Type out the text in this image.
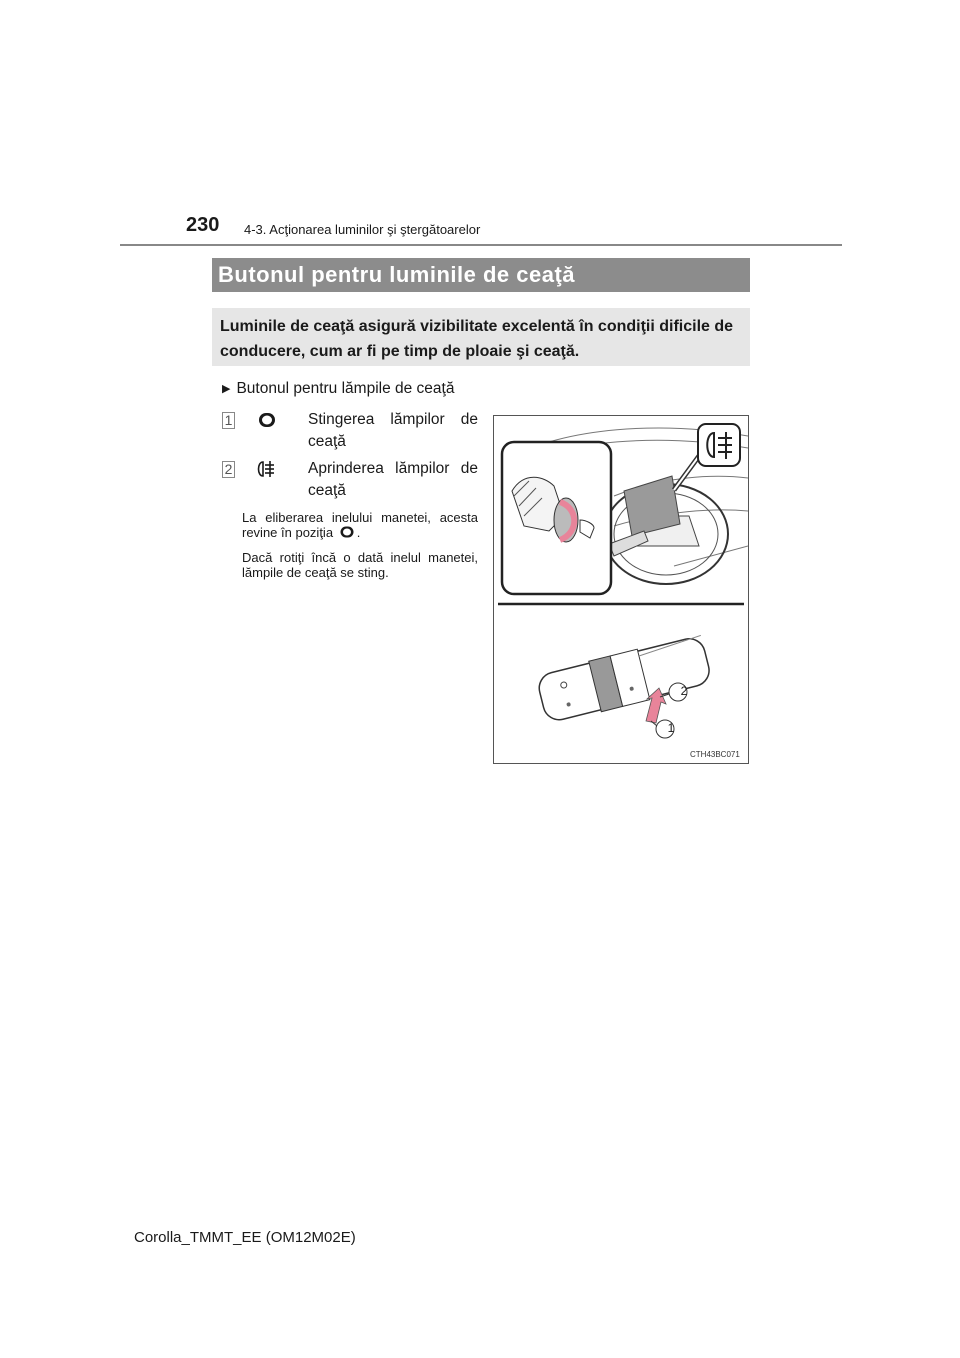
230 4-3. Acţionarea luminilor şi ştergătoarelor
Butonul pentru luminile de ceaţă
Luminile de ceaţă asigură vizibilitate excelentă în condiţii dificile de conducere, cum ar fi pe timp de ploaie şi ceaţă.
▶ Butonul pentru lămpile de ceaţă
1	Stingerea lămpilor de ceaţă
2	Aprinderea lămpilor de ceaţă
La eliberarea inelului manetei, acesta revine în poziţia .
Dacă rotiţi încă o dată inelul manetei, lămpile de ceaţă se sting.
2
1
CTH43BC071
Corolla_TMMT_EE (OM12M02E)
